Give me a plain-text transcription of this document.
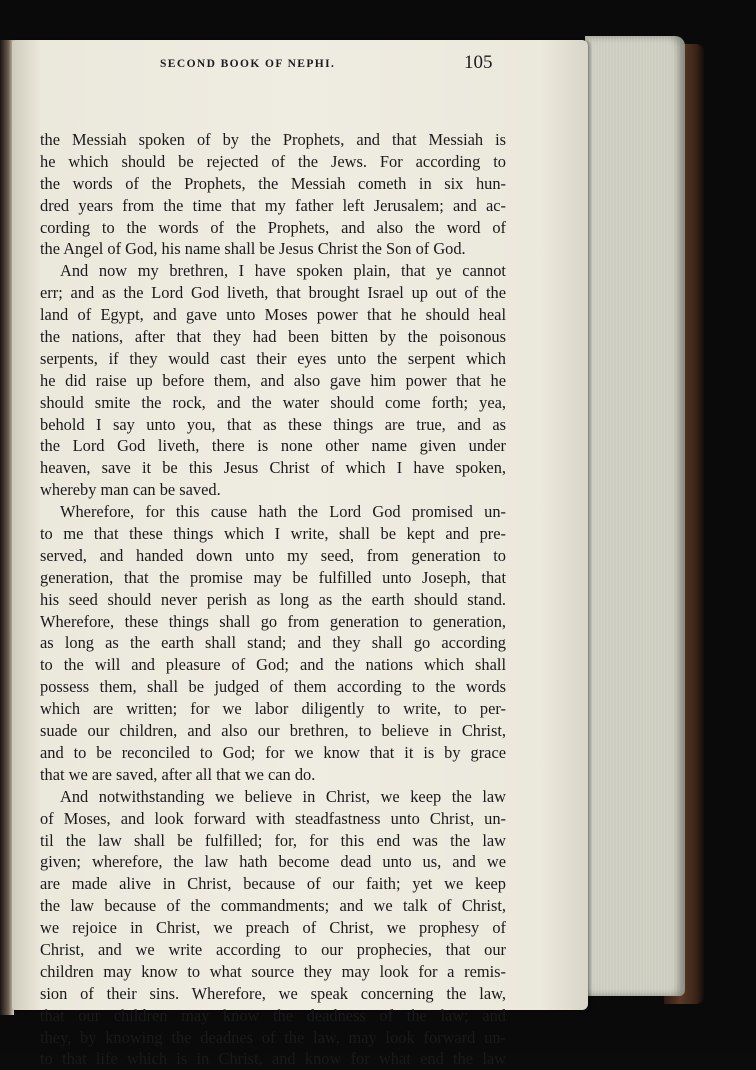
SECOND BOOK OF NEPHI.	105
the Messiah spoken of by the Prophets, and that Messiah is
he which should be rejected of the Jews. For according to
the words of the Prophets, the Messiah cometh in six hun-
dred years from the time that my father left Jerusalem; and ac-
cording to the words of the Prophets, and also the word of
the Angel of God, his name shall be Jesus Christ the Son of God.
And now my brethren, I have spoken plain, that ye cannot
err; and as the Lord God liveth, that brought Israel up out of the
land of Egypt, and gave unto Moses power that he should heal
the nations, after that they had been bitten by the poisonous
serpents, if they would cast their eyes unto the serpent which
he did raise up before them, and also gave him power that he
should smite the rock, and the water should come forth; yea,
behold I say unto you, that as these things are true, and as
the Lord God liveth, there is none other name given under
heaven, save it be this Jesus Christ of which I have spoken,
whereby man can be saved.
Wherefore, for this cause hath the Lord God promised un-
to me that these things which I write, shall be kept and pre-
served, and handed down unto my seed, from generation to
generation, that the promise may be fulfilled unto Joseph, that
his seed should never perish as long as the earth should stand.
Wherefore, these things shall go from generation to generation,
as long as the earth shall stand; and they shall go according
to the will and pleasure of God; and the nations which shall
possess them, shall be judged of them according to the words
which are written; for we labor diligently to write, to per-
suade our children, and also our brethren, to believe in Christ,
and to be reconciled to God; for we know that it is by grace
that we are saved, after all that we can do.
And notwithstanding we believe in Christ, we keep the law
of Moses, and look forward with steadfastness unto Christ, un-
til the law shall be fulfilled; for, for this end was the law
given; wherefore, the law hath become dead unto us, and we
are made alive in Christ, because of our faith; yet we keep
the law because of the commandments; and we talk of Christ,
we rejoice in Christ, we preach of Christ, we prophesy of
Christ, and we write according to our prophecies, that our
children may know to what source they may look for a remis-
sion of their sins. Wherefore, we speak concerning the law,
that our children may know the deadness of the law; and
they, by knowing the deadnes of the law, may look forward un-
to that life which is in Christ, and know for what end the law
